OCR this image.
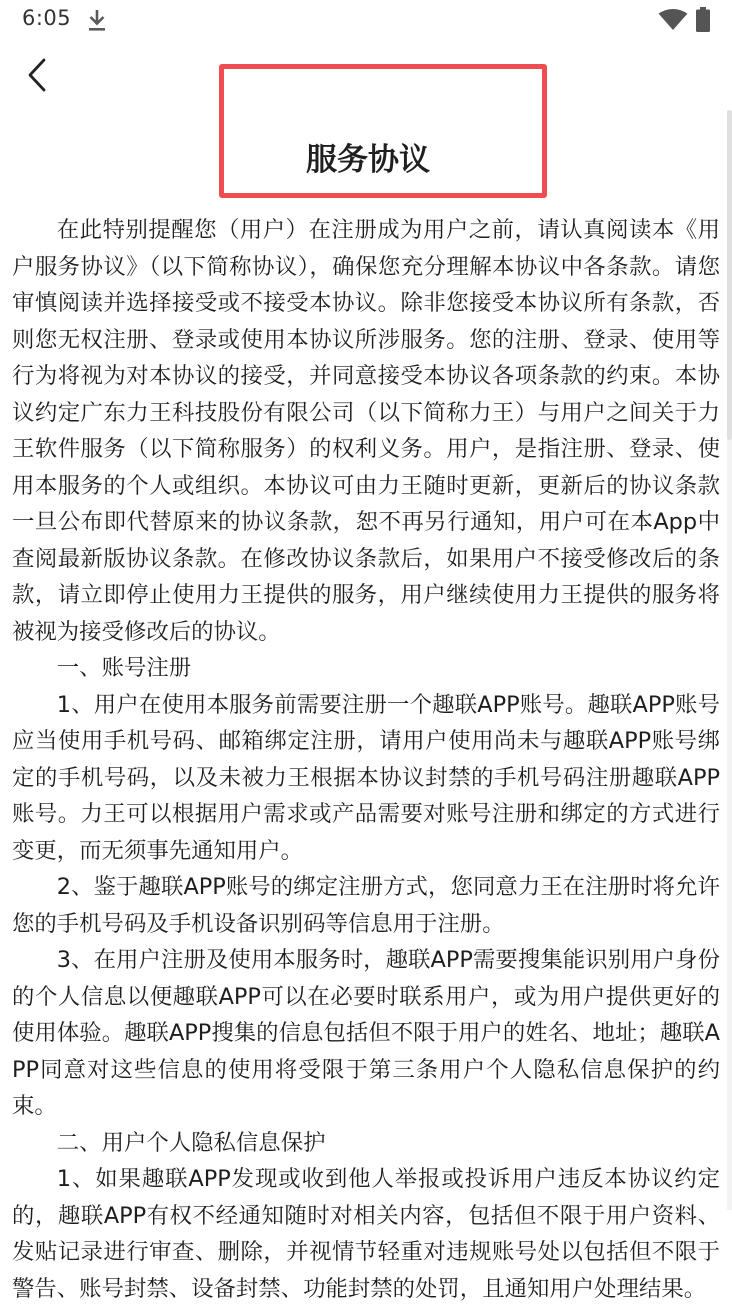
6:05
服务协议

在此特别提醒您（用户）在注册成为用户之前，请认真阅读本《用户服务协议》（以下简称协议），确保您充分理解本协议中各条款。请您审慎阅读并选择接受或不接受本协议。除非您接受本协议所有条款，否则您无权注册、登录或使用本协议所涉服务。您的注册、登录、使用等行为将视为对本协议的接受，并同意接受本协议各项条款的约束。本协议约定广东力王科技股份有限公司（以下简称力王）与用户之间关于力王软件服务（以下简称服务）的权利义务。用户，是指注册、登录、使用本服务的个人或组织。本协议可由力王随时更新，更新后的协议条款一旦公布即代替原来的协议条款，恕不再另行通知，用户可在本App中查阅最新版协议条款。在修改协议条款后，如果用户不接受修改后的条款，请立即停止使用力王提供的服务，用户继续使用力王提供的服务将被视为接受修改后的协议。

一、账号注册

1、用户在使用本服务前需要注册一个趣联APP账号。趣联APP账号应当使用手机号码、邮箱绑定注册，请用户使用尚未与趣联APP账号绑定的手机号码，以及未被力王根据本协议封禁的手机号码注册趣联APP账号。力王可以根据用户需求或产品需要对账号注册和绑定的方式进行变更，而无须事先通知用户。

2、鉴于趣联APP账号的绑定注册方式，您同意力王在注册时将允许您的手机号码及手机设备识别码等信息用于注册。

3、在用户注册及使用本服务时，趣联APP需要搜集能识别用户身份的个人信息以便趣联APP可以在必要时联系用户，或为用户提供更好的使用体验。趣联APP搜集的信息包括但不限于用户的姓名、地址；趣联APP同意对这些信息的使用将受限于第三条用户个人隐私信息保护的约束。

二、用户个人隐私信息保护

1、如果趣联APP发现或收到他人举报或投诉用户违反本协议约定的，趣联APP有权不经通知随时对相关内容，包括但不限于用户资料、发贴记录进行审查、删除，并视情节轻重对违规账号处以包括但不限于警告、账号封禁、设备封禁、功能封禁的处罚，且通知用户处理结果。
